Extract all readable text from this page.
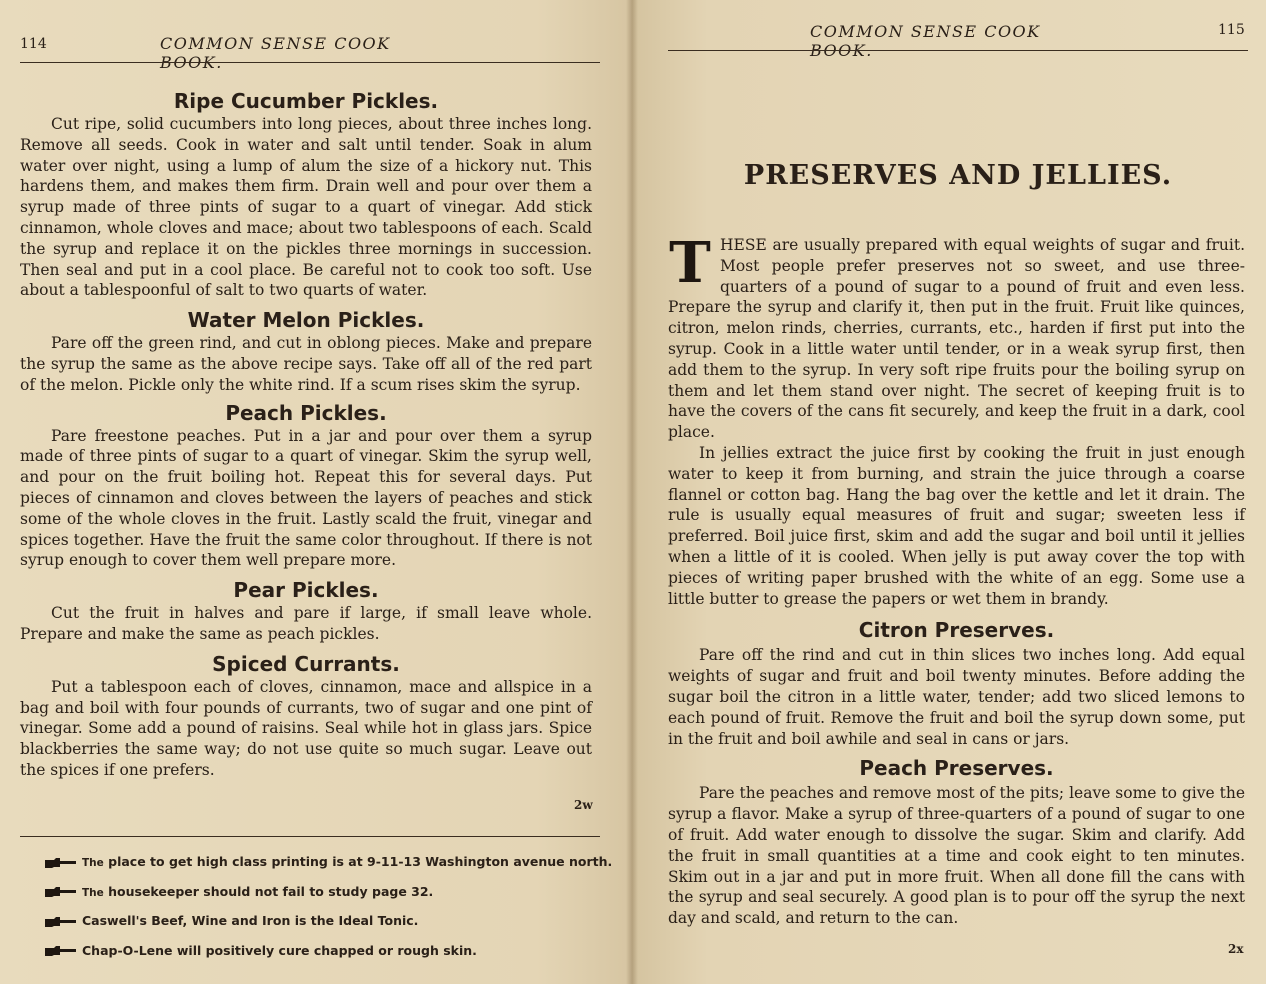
114	COMMON SENSE COOK BOOK.
Ripe Cucumber Pickles.

Cut ripe, solid cucumbers into long pieces, about three inches long. Remove all seeds. Cook in water and salt until tender. Soak in alum water over night, using a lump of alum the size of a hickory nut. This hardens them, and makes them firm. Drain well and pour over them a syrup made of three pints of sugar to a quart of vinegar. Add stick cinnamon, whole cloves and mace; about two tablespoons of each. Scald the syrup and replace it on the pickles three mornings in succession. Then seal and put in a cool place. Be careful not to cook too soft. Use about a tablespoonful of salt to two quarts of water.

Water Melon Pickles.

Pare off the green rind, and cut in oblong pieces. Make and prepare the syrup the same as the above recipe says. Take off all of the red part of the melon. Pickle only the white rind. If a scum rises skim the syrup.

Peach Pickles.

Pare freestone peaches. Put in a jar and pour over them a syrup made of three pints of sugar to a quart of vinegar. Skim the syrup well, and pour on the fruit boiling hot. Repeat this for several days. Put pieces of cinnamon and cloves between the layers of peaches and stick some of the whole cloves in the fruit. Lastly scald the fruit, vinegar and spices together. Have the fruit the same color throughout. If there is not syrup enough to cover them well prepare more.

Pear Pickles.

Cut the fruit in halves and pare if large, if small leave whole. Prepare and make the same as peach pickles.

Spiced Currants.

Put a tablespoon each of cloves, cinnamon, mace and allspice in a bag and boil with four pounds of currants, two of sugar and one pint of vinegar. Some add a pound of raisins. Seal while hot in glass jars. Spice blackberries the same way; do not use quite so much sugar. Leave out the spices if one prefers.

2w
The place to get high class printing is at 9-11-13 Washington avenue north.
The housekeeper should not fail to study page 32.
Caswell's Beef, Wine and Iron is the Ideal Tonic.
Chap-O-Lene will positively cure chapped or rough skin.
COMMON SENSE COOK BOOK.
115
PRESERVES AND JELLIES.

THESE are usually prepared with equal weights of sugar and fruit. Most people prefer preserves not so sweet, and use three-quarters of a pound of sugar to a pound of fruit and even less. Prepare the syrup and clarify it, then put in the fruit. Fruit like quinces, citron, melon rinds, cherries, currants, etc., harden if first put into the syrup. Cook in a little water until tender, or in a weak syrup first, then add them to the syrup. In very soft ripe fruits pour the boiling syrup on them and let them stand over night. The secret of keeping fruit is to have the covers of the cans fit securely, and keep the fruit in a dark, cool place.

In jellies extract the juice first by cooking the fruit in just enough water to keep it from burning, and strain the juice through a coarse flannel or cotton bag. Hang the bag over the kettle and let it drain. The rule is usually equal measures of fruit and sugar; sweeten less if preferred. Boil juice first, skim and add the sugar and boil until it jellies when a little of it is cooled. When jelly is put away cover the top with pieces of writing paper brushed with the white of an egg. Some use a little butter to grease the papers or wet them in brandy.

Citron Preserves.

Pare off the rind and cut in thin slices two inches long. Add equal weights of sugar and fruit and boil twenty minutes. Before adding the sugar boil the citron in a little water, tender; add two sliced lemons to each pound of fruit. Remove the fruit and boil the syrup down some, put in the fruit and boil awhile and seal in cans or jars.

Peach Preserves.

Pare the peaches and remove most of the pits; leave some to give the syrup a flavor. Make a syrup of three-quarters of a pound of sugar to one of fruit. Add water enough to dissolve the sugar. Skim and clarify. Add the fruit in small quantities at a time and cook eight to ten minutes. Skim out in a jar and put in more fruit. When all done fill the cans with the syrup and seal securely. A good plan is to pour off the syrup the next day and scald, and return to the can.

2x
